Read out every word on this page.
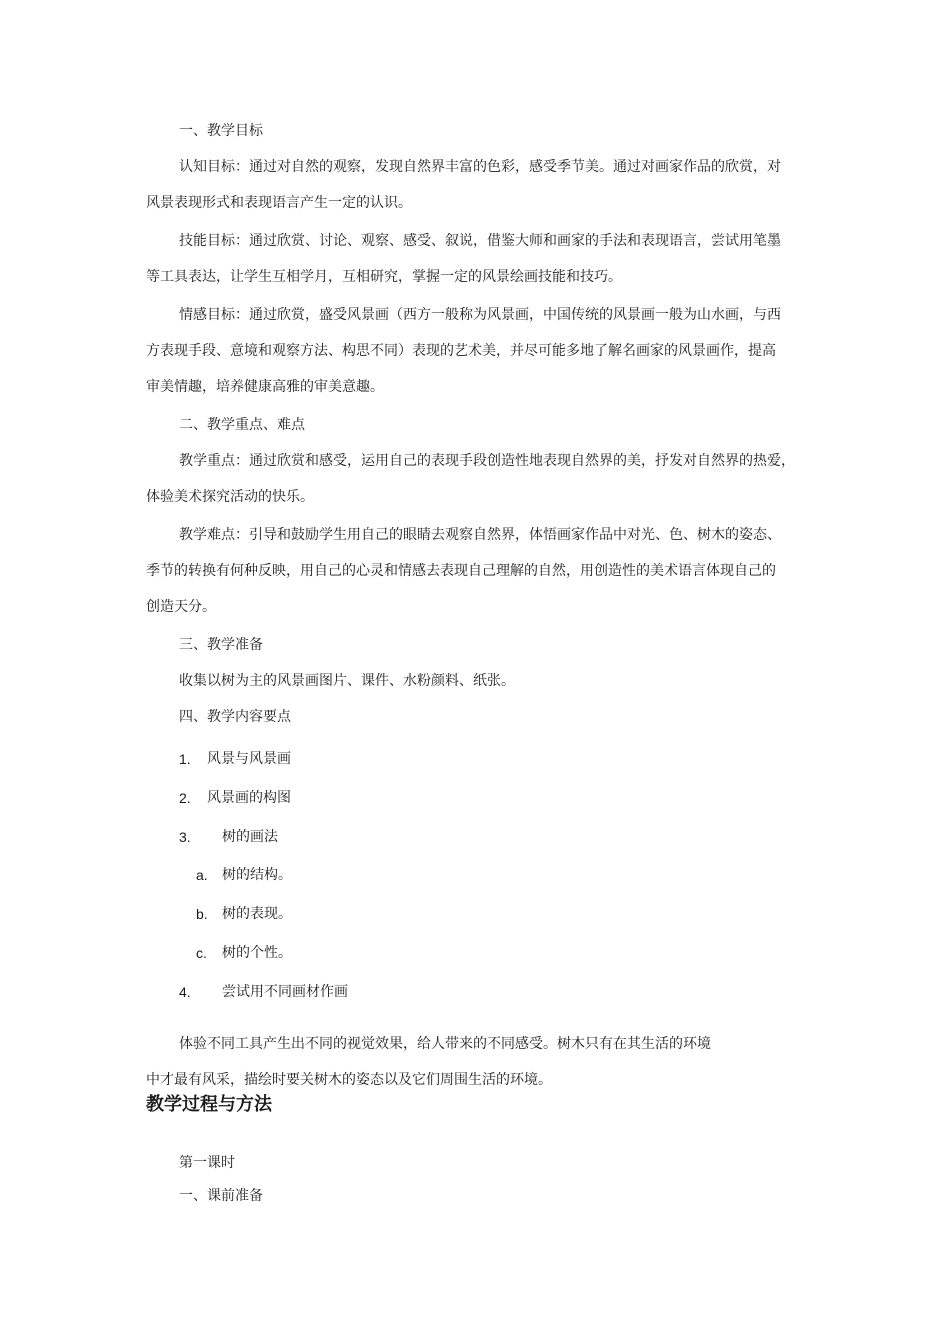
一、教学目标
认知目标：通过对自然的观察，发现自然界丰富的色彩，感受季节美。通过对画家作品的欣赏，对
风景表现形式和表现语言产生一定的认识。
技能目标：通过欣赏、讨论、观察、感受、叙说，借鉴大师和画家的手法和表现语言，尝试用笔墨
等工具表达，让学生互相学月，互相研究，掌握一定的风景绘画技能和技巧。
情感目标：通过欣赏，盛受风景画（西方一般称为风景画，中国传统的风景画一般为山水画，与西
方表现手段、意境和观察方法、构思不同）表现的艺术美，并尽可能多地了解名画家的风景画作，提高
审美情趣，培养健康高雅的审美意趣。
二、教学重点、难点
教学重点：通过欣赏和感受，运用自己的表现手段创造性地表现自然界的美，抒发对自然界的热爱，
体验美术探究活动的快乐。
教学难点：引导和鼓励学生用自己的眼睛去观察自然界，体悟画家作品中对光、色、树木的姿态、
季节的转换有何种反映，用自己的心灵和情感去表现自己理解的自然，用创造性的美术语言体现自己的
创造天分。
三、教学准备
收集以树为主的风景画图片、课件、水粉颜料、纸张。
四、教学内容要点
1. 风景与风景画
2. 风景画的构图
3. 树的画法
a. 树的结构。
b. 树的表现。
c. 树的个性。
4. 尝试用不同画材作画
体验不同工具产生出不同的视觉效果，给人带来的不同感受。树木只有在其生活的环境
中才最有风采，描绘时要关树木的姿态以及它们周围生活的环境。
教学过程与方法
第一课时
一、课前准备
